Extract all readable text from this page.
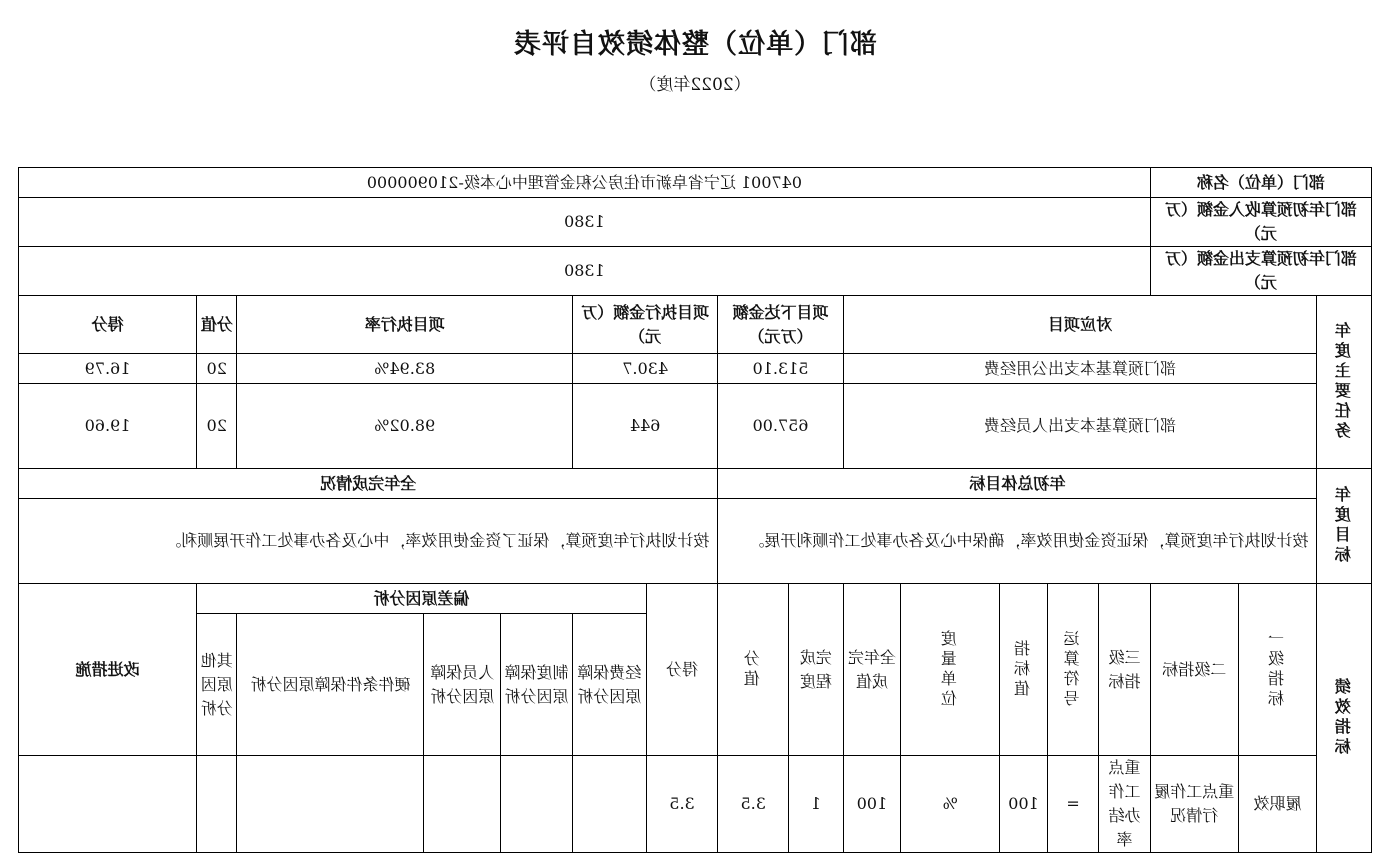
部门（单位）整体绩效自评表
（2022年度）
部门（单位）名称			047001 辽宁省阜新市住房公积金管理中心本级-210900000													
部门年初预算收入金额（万元）			1380													
部门年初预算支出金额（万元）			1380													
年度主要任务	对应项目							项目下达金额（万元）		项目执行金额（万元）		项目执行率			分值	得分
	部门预算基本支出公用经费							513.10		430.7		83.94%			20	16.79
	部门预算基本支出人员经费							657.00		644		98.02%			20	19.60
年度目标	年初总体目标									全年完成情况						
	按计划执行年度预算，保证资金使用效率，确保中心及各办事处工作顺利开展。									按计划执行年度预算，保证了资金使用效率，中心及各办事处工作开展顺利。						
绩效指标	一级指标	二级指标	三级指标	运算符号	指标值	度量单位	全年完成值	完成程度	分值	得分	偏差原因分析					改进措施
											经费保障原因分析	制度保障原因分析	人员保障原因分析	硬件条件保障原因分析	其他原因分析	
	履职效	重点工作履行情况	重点工作办结率	=	100	%	100	1	3.5	3.5						
